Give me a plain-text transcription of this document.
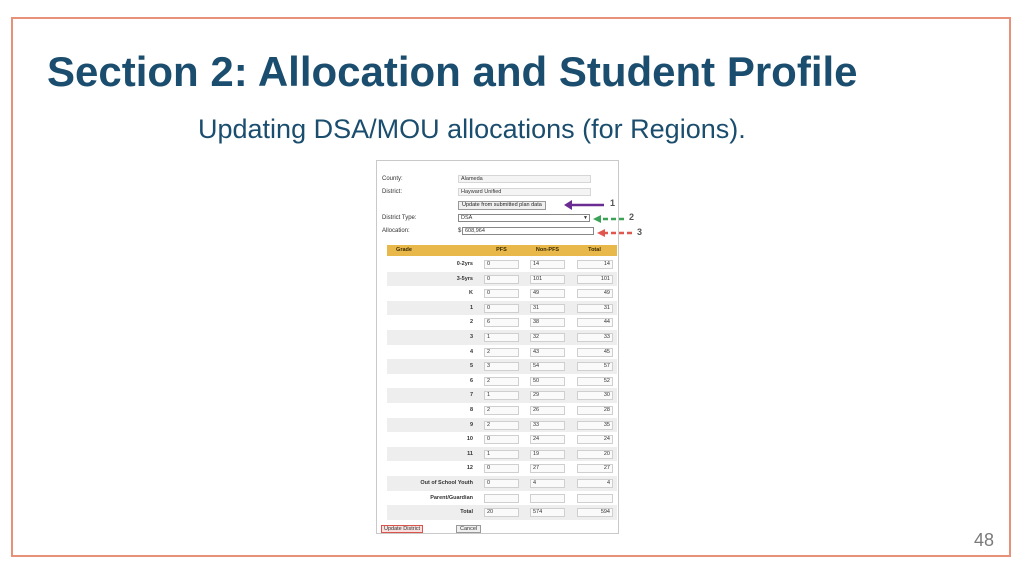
Section 2: Allocation and Student Profile
Updating DSA/MOU allocations (for Regions).
County:	Alameda
District:	Hayward Unified
Update from submitted plan data
District Type:	DSA	▼
Allocation:	$ 608,964
Grade	PFS	Non-PFS	Total
0-2yrs	0	14	14
3-5yrs	0	101	101
K	0	49	49
1	0	31	31
2	6	38	44
3	1	32	33
4	2	43	45
5	3	54	57
6	2	50	52
7	1	29	30
8	2	26	28
9	2	33	35
10	0	24	24
11	1	19	20
12	0	27	27
Out of School Youth	0	4	4
Parent/Guardian
Total	20	574	594
Update District	Cancel
1
2
3
48
